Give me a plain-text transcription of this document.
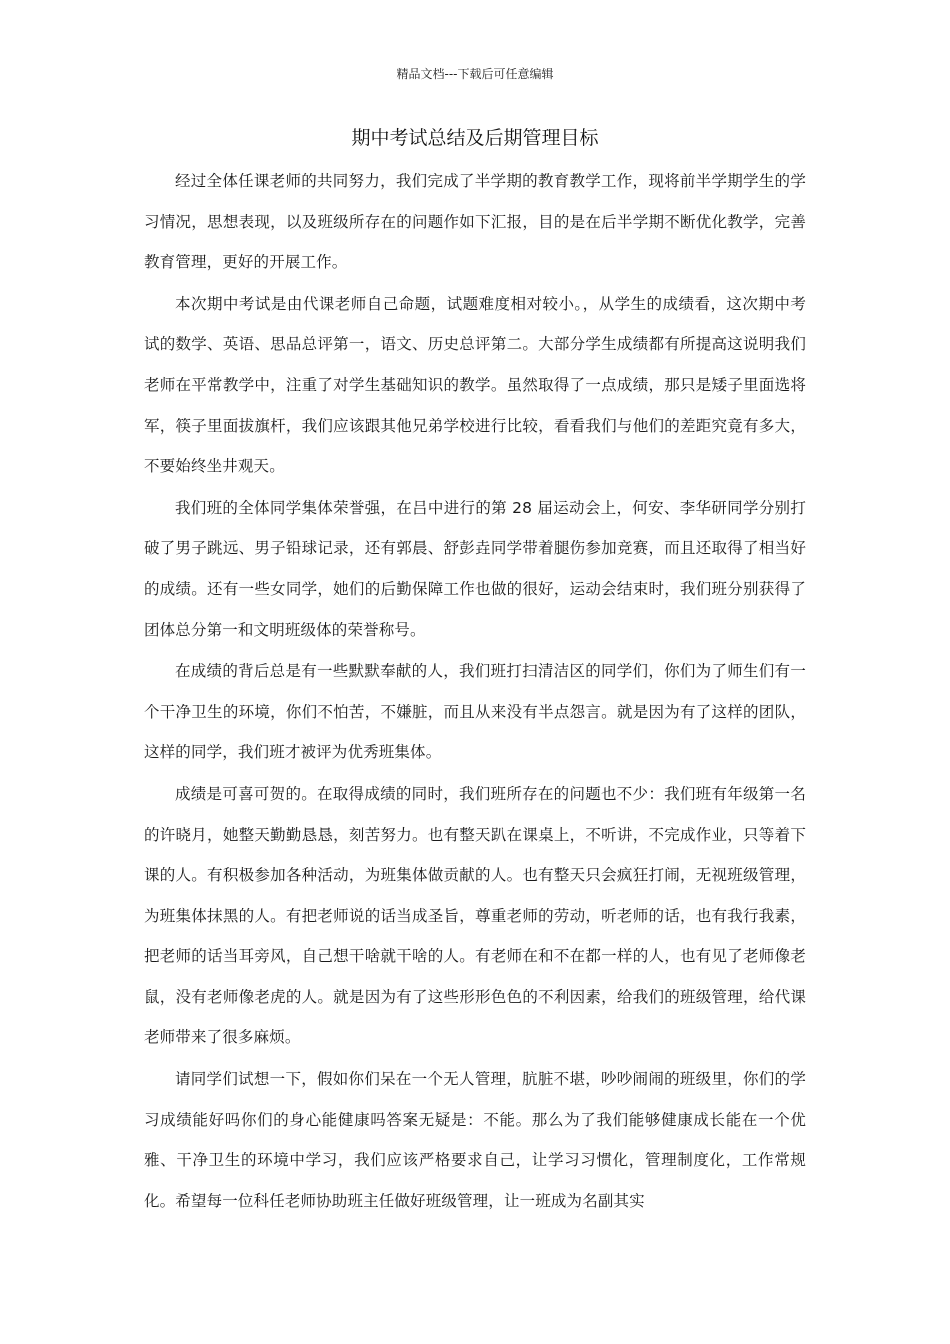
精品文档---下载后可任意编辑
期中考试总结及后期管理目标

经过全体任课老师的共同努力，我们完成了半学期的教育教学工作，现将前半学期学生的学习情况，思想表现，以及班级所存在的问题作如下汇报，目的是在后半学期不断优化教学，完善教育管理，更好的开展工作。

本次期中考试是由代课老师自己命题，试题难度相对较小。，从学生的成绩看，这次期中考试的数学、英语、思品总评第一，语文、历史总评第二。大部分学生成绩都有所提高这说明我们老师在平常教学中，注重了对学生基础知识的教学。虽然取得了一点成绩，那只是矮子里面选将军，筷子里面拔旗杆，我们应该跟其他兄弟学校进行比较，看看我们与他们的差距究竟有多大，不要始终坐井观天。

我们班的全体同学集体荣誉强，在吕中进行的第 28 届运动会上，何安、李华研同学分别打破了男子跳远、男子铅球记录，还有郭晨、舒彭垚同学带着腿伤参加竞赛，而且还取得了相当好的成绩。还有一些女同学，她们的后勤保障工作也做的很好，运动会结束时，我们班分别获得了团体总分第一和文明班级体的荣誉称号。

在成绩的背后总是有一些默默奉献的人，我们班打扫清洁区的同学们，你们为了师生们有一个干净卫生的环境，你们不怕苦，不嫌脏，而且从来没有半点怨言。就是因为有了这样的团队，这样的同学，我们班才被评为优秀班集体。

成绩是可喜可贺的。在取得成绩的同时，我们班所存在的问题也不少：我们班有年级第一名的许晓月，她整天勤勤恳恳，刻苦努力。也有整天趴在课桌上，不听讲，不完成作业，只等着下课的人。有积极参加各种活动，为班集体做贡献的人。也有整天只会疯狂打闹，无视班级管理，为班集体抹黑的人。有把老师说的话当成圣旨，尊重老师的劳动，听老师的话，也有我行我素，把老师的话当耳旁风，自己想干啥就干啥的人。有老师在和不在都一样的人，也有见了老师像老鼠，没有老师像老虎的人。就是因为有了这些形形色色的不利因素，给我们的班级管理，给代课老师带来了很多麻烦。

请同学们试想一下，假如你们呆在一个无人管理，肮脏不堪，吵吵闹闹的班级里，你们的学习成绩能好吗你们的身心能健康吗答案无疑是：不能。那么为了我们能够健康成长能在一个优雅、干净卫生的环境中学习，我们应该严格要求自己，让学习习惯化，管理制度化，工作常规化。希望每一位科任老师协助班主任做好班级管理，让一班成为名副其实
